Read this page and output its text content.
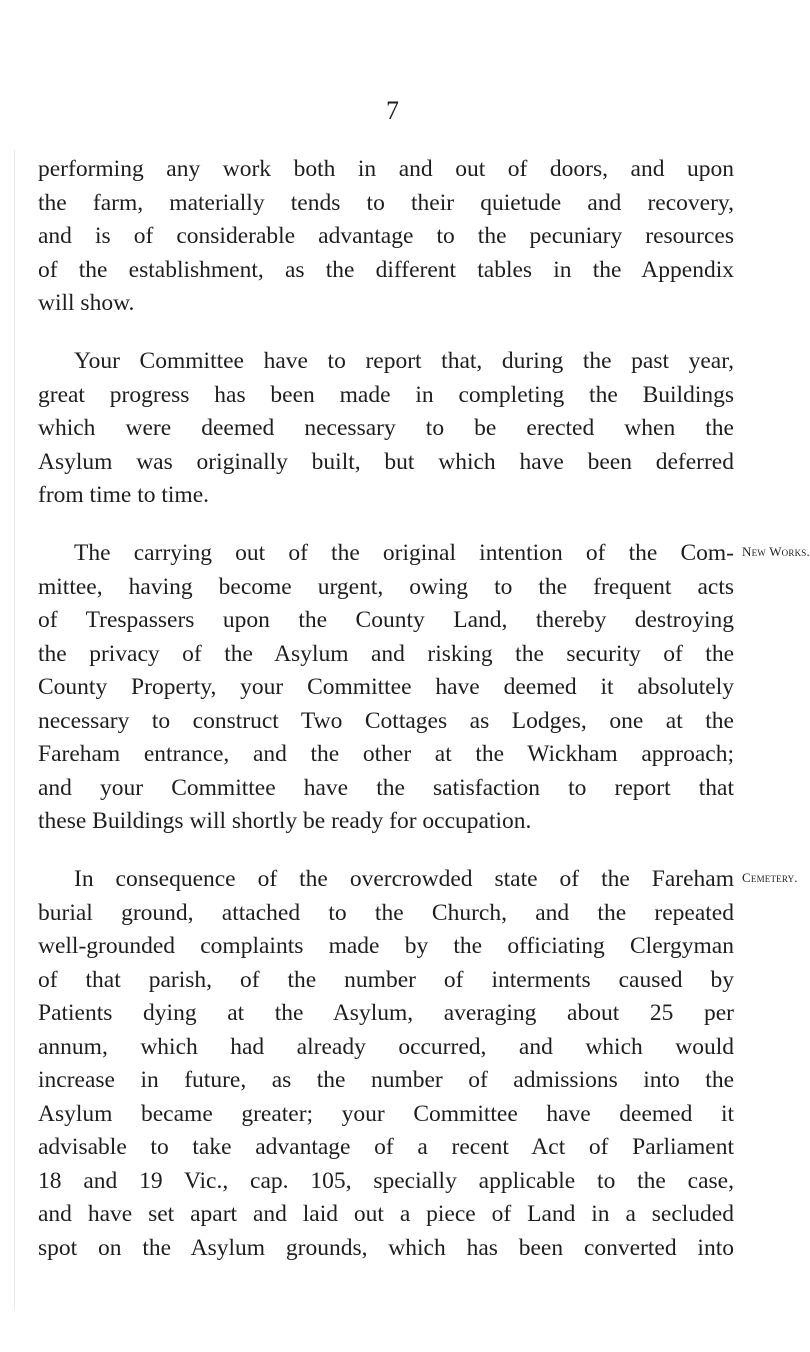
7
performing any work both in and out of doors, and upon
the farm, materially tends to their quietude and recovery,
and is of considerable advantage to the pecuniary resources
of the establishment, as the different tables in the Appendix
will show.
Your Committee have to report that, during the past year,
great progress has been made in completing the Buildings
which were deemed necessary to be erected when the
Asylum was originally built, but which have been deferred
from time to time.
The carrying out of the original intention of the Com- New Works.
mittee, having become urgent, owing to the frequent acts
of Trespassers upon the County Land, thereby destroying
the privacy of the Asylum and risking the security of the
County Property, your Committee have deemed it absolutely
necessary to construct Two Cottages as Lodges, one at the
Fareham entrance, and the other at the Wickham approach;
and your Committee have the satisfaction to report that
these Buildings will shortly be ready for occupation.
In consequence of the overcrowded state of the Fareham Cemetery.
burial ground, attached to the Church, and the repeated
well-grounded complaints made by the officiating Clergyman
of that parish, of the number of interments caused by
Patients dying at the Asylum, averaging about 25 per
annum, which had already occurred, and which would
increase in future, as the number of admissions into the
Asylum became greater; your Committee have deemed it
advisable to take advantage of a recent Act of Parliament
18 and 19 Vic., cap. 105, specially applicable to the case,
and have set apart and laid out a piece of Land in a secluded
spot on the Asylum grounds, which has been converted into
